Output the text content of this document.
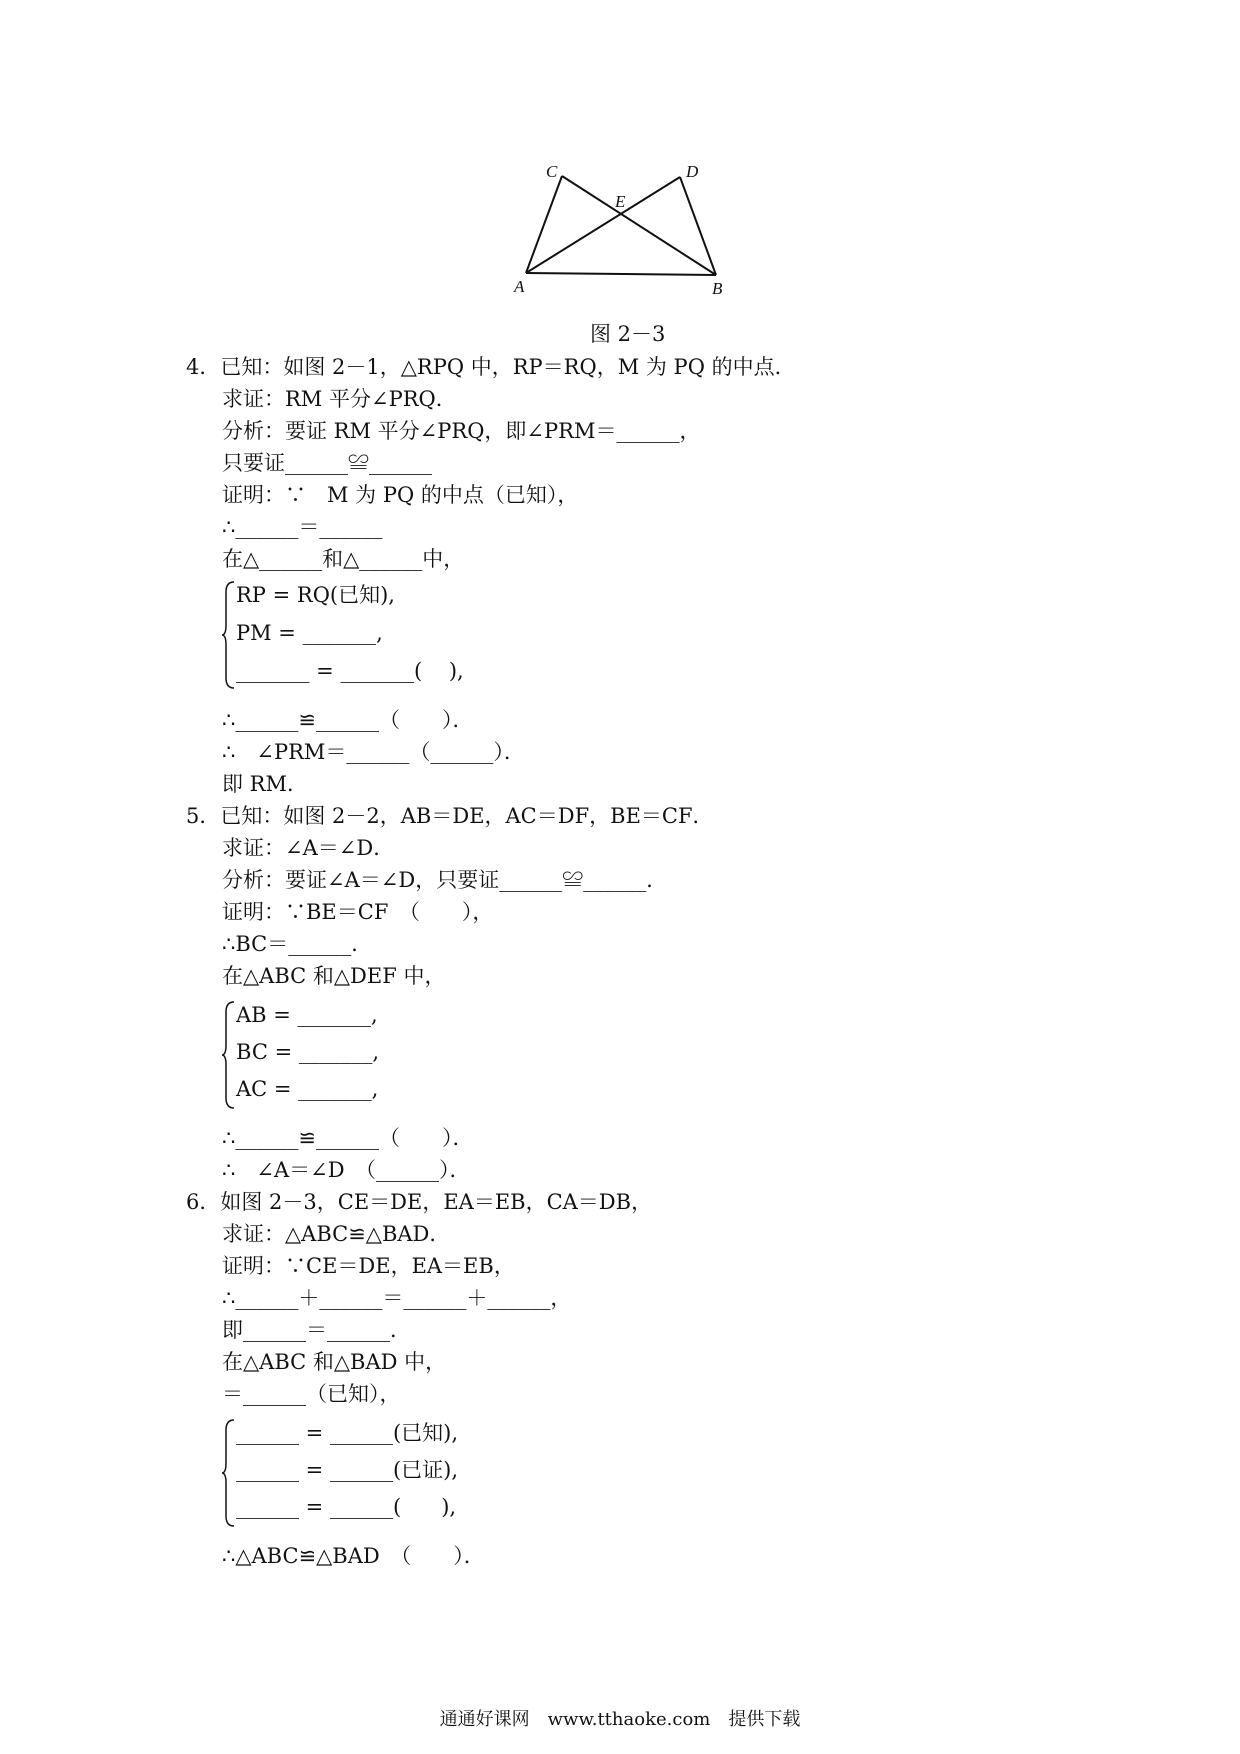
C	D
E
A	B
图 2－3
4．已知：如图 2－1，△RPQ 中，RP＝RQ，M 为 PQ 的中点．
求证：RM 平分∠PRQ．
分析：要证 RM 平分∠PRQ，即∠PRM＝______，
只要证______≌______
证明：∵　M 为 PQ 的中点（已知），
∴______＝______
在△______和△______中，
RP = RQ(已知),
PM = _______,
_______ = _______(    ),
∴______≌______（　　）．
∴　∠PRM＝______（______）．
即 RM．
5．已知：如图 2－2，AB＝DE，AC＝DF，BE＝CF．
求证：∠A＝∠D．
分析：要证∠A＝∠D，只要证______≌______．
证明：∵BE＝CF　（　　），
∴BC＝______．
在△ABC 和△DEF 中，
AB = _______,
BC = _______,
AC = _______,
∴______≌______（　　）．
∴　∠A＝∠D　（______）．
6．如图 2－3，CE＝DE，EA＝EB，CA＝DB，
求证：△ABC≌△BAD．
证明：∵CE＝DE，EA＝EB，
∴______＋______＝______＋______，
即______＝______．
在△ABC 和△BAD 中，
＝______（已知），
______ = ______(已知),
______ = ______(已证),
______ = ______(      ),
∴△ABC≌△BAD　（　　）．
通通好课网　www.tthaoke.com　提供下载
